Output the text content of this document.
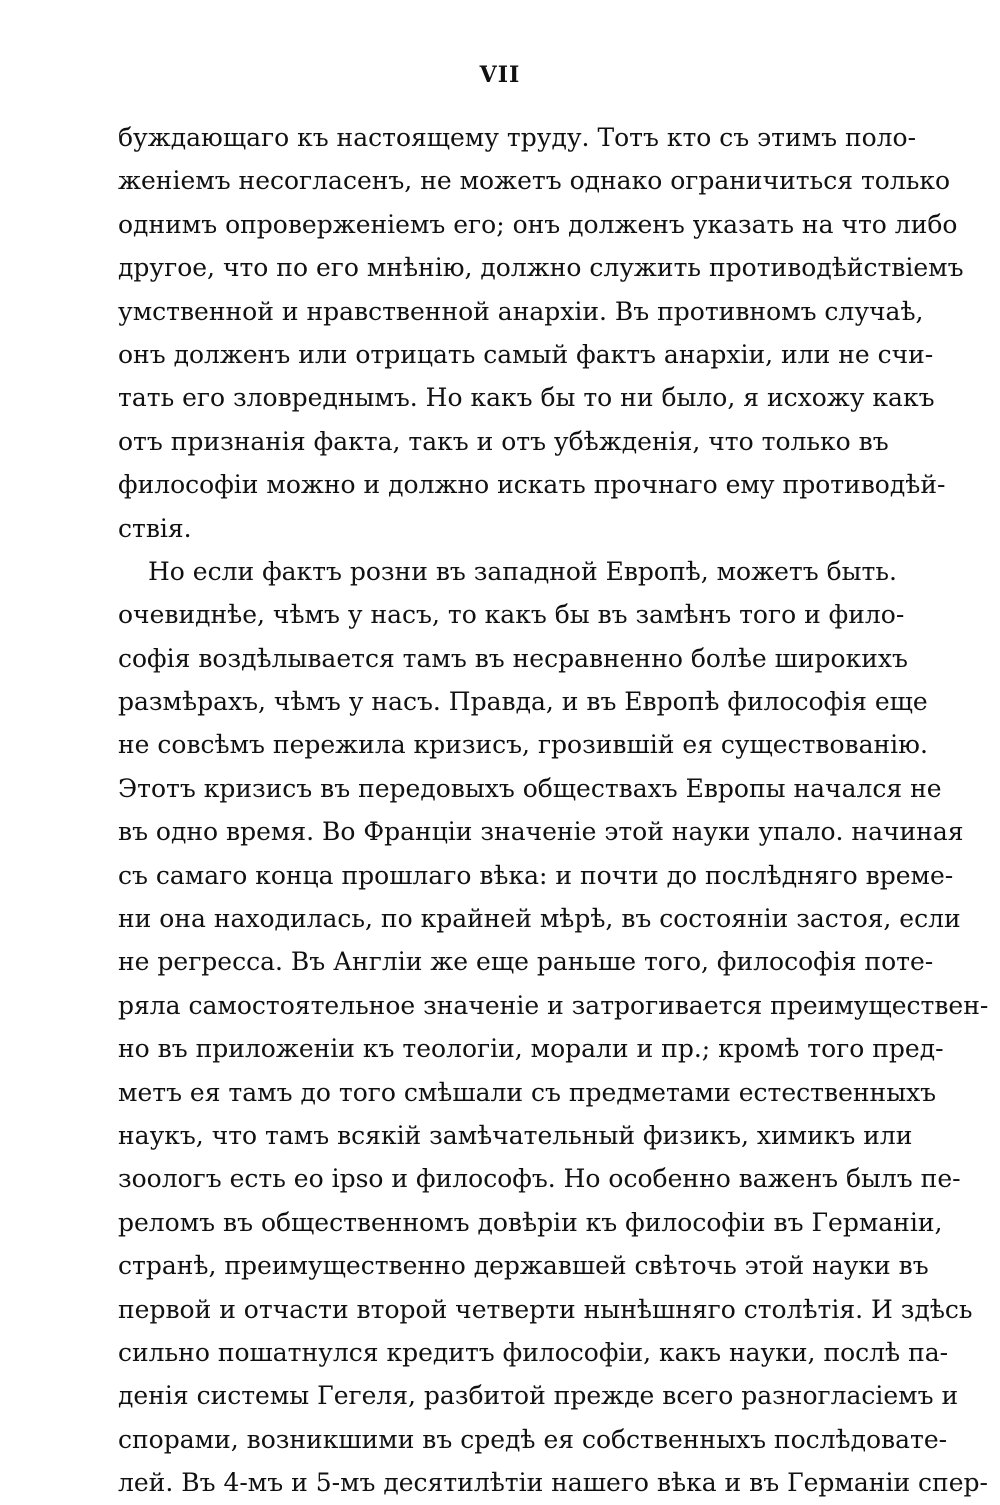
VII
буждающаго къ настоящему труду. Тотъ кто съ этимъ поло-
женіемъ несогласенъ, не можетъ однако ограничиться только
однимъ опроверженіемъ его; онъ долженъ указать на что либо
другое, что по его мнѣнію, должно служить противодѣйствіемъ
умственной и нравственной анархіи. Въ противномъ случаѣ,
онъ долженъ или отрицать самый фактъ анархіи, или не счи-
тать его зловреднымъ. Но какъ бы то ни было, я исхожу какъ
отъ признанія факта, такъ и отъ убѣжденія, что только въ
философіи можно и должно искать прочнаго ему противодѣй-
ствія.
Но если фактъ розни въ западной Европѣ, можетъ быть.
очевиднѣе, чѣмъ у насъ, то какъ бы въ замѣнъ того и фило-
софія воздѣлывается тамъ въ несравненно болѣе широкихъ
размѣрахъ, чѣмъ у насъ. Правда, и въ Европѣ философія еще
не совсѣмъ пережила кризисъ, грозившій ея существованію.
Этотъ кризисъ въ передовыхъ обществахъ Европы начался не
въ одно время. Во Франціи значеніе этой науки упало. начиная
съ самаго конца прошлаго вѣка: и почти до послѣдняго време-
ни она находилась, по крайней мѣрѣ, въ состояніи застоя, если
не регресса. Въ Англіи же еще раньше того, философія поте-
ряла самостоятельное значеніе и затрогивается преимуществен-
но въ приложеніи къ теологіи, морали и пр.; кромѣ того пред-
метъ ея тамъ до того смѣшали съ предметами естественныхъ
наукъ, что тамъ всякій замѣчательный физикъ, химикъ или
зоологъ есть eo ipso и философъ. Но особенно важенъ былъ пе-
реломъ въ общественномъ довѣріи къ философіи въ Германіи,
странѣ, преимущественно державшей свѣточь этой науки въ
первой и отчасти второй четверти нынѣшняго столѣтія. И здѣсь
сильно пошатнулся кредитъ философіи, какъ науки, послѣ па-
денія системы Гегеля, разбитой прежде всего разногласіемъ и
спорами, возникшими въ средѣ ея собственныхъ послѣдовате-
лей. Въ 4-мъ и 5-мъ десятилѣтіи нашего вѣка и въ Германіи спер-
